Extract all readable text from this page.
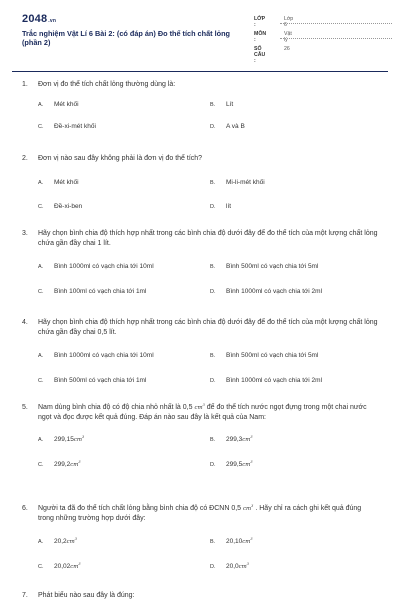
2048.vn
Trắc nghiệm Vật Lí 6 Bài 2: (có đáp án) Đo thể tích chất lỏng (phần 2)
LỚP :
Lớp 6
MÔN :
Vật lý
SỐ CÂU :
26
1. Đơn vị đo thể tích chất lỏng thường dùng là:
A. Mét khối	B. Lít
C. Đề-xi-mét khối	D. A và B
2. Đơn vị nào sau đây không phải là đơn vị đo thể tích?
A. Mét khối	B. Mi-li-mét khối
C. Đề-xi-ben	D. lít
3. Hãy chọn bình chia độ thích hợp nhất trong các bình chia độ dưới đây để đo thể tích của một lượng chất lỏng chứa gần đầy chai 1 lít.
A. Bình 1000ml có vạch chia tới 10ml	B. Bình 500ml có vạch chia tới 5ml
C. Bình 100ml có vạch chia tới 1ml	D. Bình 1000ml có vạch chia tới 2ml
4. Hãy chọn bình chia độ thích hợp nhất trong các bình chia độ dưới đây để đo thể tích của một lượng chất lỏng chứa gần đầy chai 0,5 lít.
A. Bình 1000ml có vạch chia tới 10ml	B. Bình 500ml có vạch chia tới 5ml
C. Bình 500ml có vạch chia tới 1ml	D. Bình 1000ml có vạch chia tới 2ml
5. Nam dùng bình chia độ có độ chia nhỏ nhất là 0,5 $cm^3$ để đo thể tích nước ngọt đựng trong một chai nước ngọt và đọc được kết quả đúng. Đáp án nào sau đây là kết quả của Nam:
A. $299,15cm^3$	B. $299,3cm^3$
C. $299,2cm^3$	D. $299,5cm^3$
6. Người ta đã đo thể tích chất lỏng bằng bình chia độ có ĐCNN 0,5 $cm^3$ . Hãy chỉ ra cách ghi kết quả đúng trong những trường hợp dưới đây:
A. $20,2cm^3$	B. $20,10cm^3$
C. $20,02cm^3$	D. $20,0cm^3$
7. Phát biểu nào sau đây là đúng:
